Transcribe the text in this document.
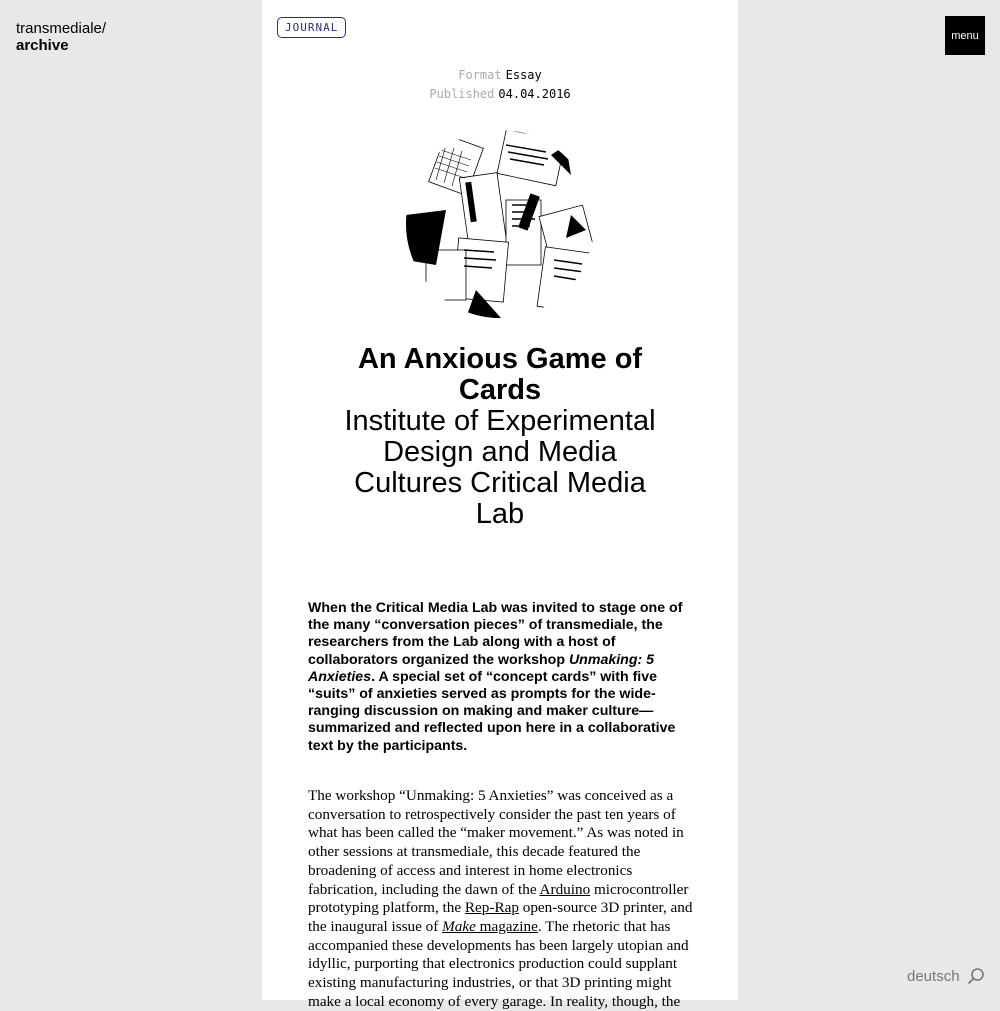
transmediale/
archive
menu
JOURNAL
Format Essay
Published 04.04.2016
An Anxious Game of Cards
Institute of Experimental Design and Media Cultures Critical Media Lab
When the Critical Media Lab was invited to stage one of the many “conversation pieces” of transmediale, the researchers from the Lab along with a host of collaborators organized the workshop Unmaking: 5 Anxieties. A special set of “concept cards” with five “suits” of anxieties served as prompts for the wide-ranging discussion on making and maker culture—summarized and reflected upon here in a collaborative text by the participants.
The workshop “Unmaking: 5 Anxieties” was conceived as a conversation to retrospectively consider the past ten years of what has been called the “maker movement.” As was noted in other sessions at transmediale, this decade featured the broadening of access and interest in home electronics fabrication, including the dawn of the Arduino microcontroller prototyping platform, the Rep-Rap open-source 3D printer, and the inaugural issue of Make magazine. The rhetoric that has accompanied these developments has been largely utopian and idyllic, purporting that electronics production could supplant existing manufacturing industries, or that 3D printing might make a local economy of every garage. In reality, though, the
deutsch
